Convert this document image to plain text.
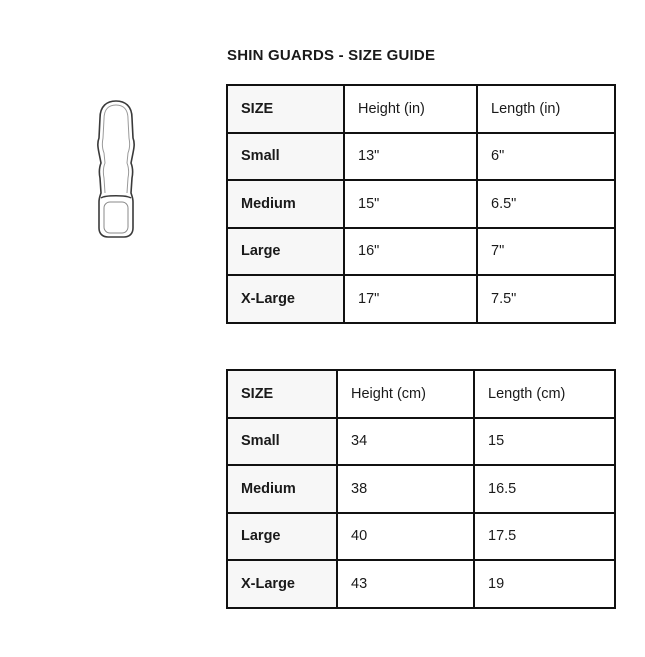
SHIN GUARDS - SIZE GUIDE
SIZE	Height (in)	Length (in)
Small	13"	6"
Medium	15"	6.5"
Large	16"	7"
X-Large	17"	7.5"
SIZE	Height (cm)	Length (cm)
Small	34	15
Medium	38	16.5
Large	40	17.5
X-Large	43	19
